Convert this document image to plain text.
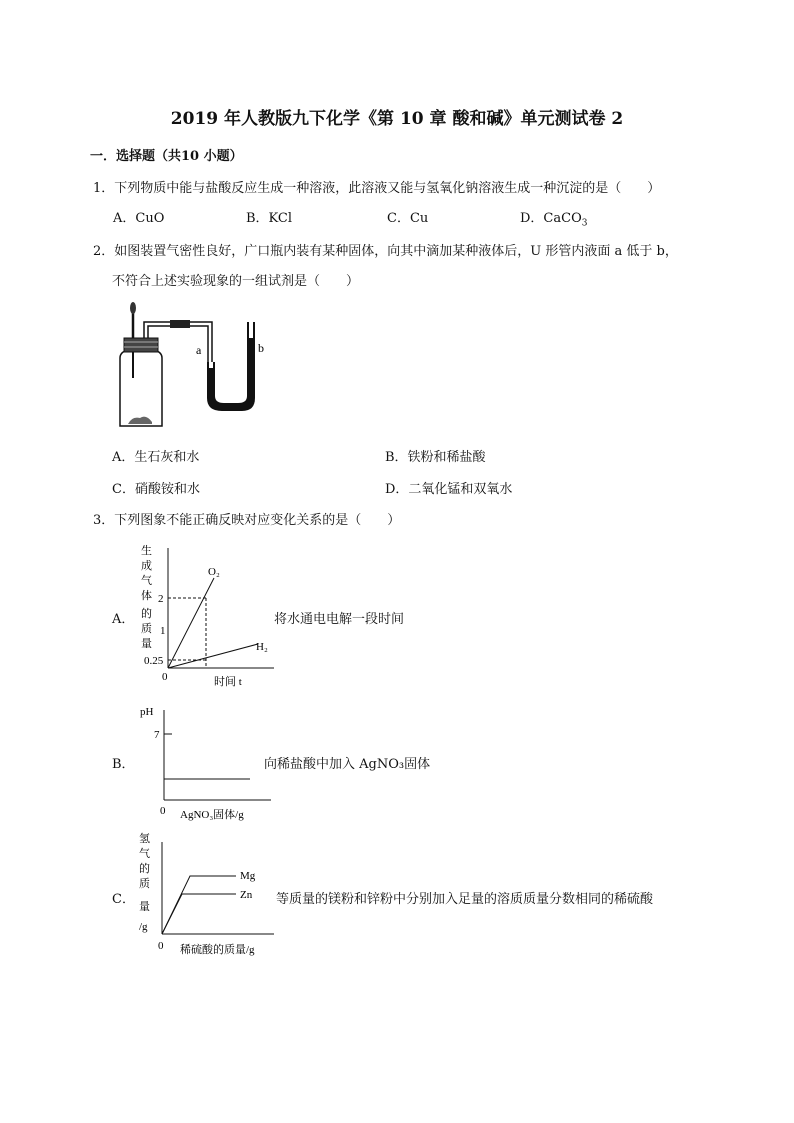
2019 年人教版九下化学《第 10 章 酸和碱》单元测试卷 2
一．选择题（共10 小题）
1．下列物质中能与盐酸反应生成一种溶液，此溶液又能与氢氧化钠溶液生成一种沉淀的是（　　）
A．CuO	B．KCl	C．Cu	D．CaCO$_3$
2．如图装置气密性良好，广口瓶内装有某种固体，向其中滴加某种液体后，U 形管内液面 a 低于 b，
不符合上述实验现象的一组试剂是（　　）
a	b
A．生石灰和水	B．铁粉和稀盐酸
C．硝酸铵和水	D．二氧化锰和双氧水
3．下列图象不能正确反映对应变化关系的是（　　）
A．
生
成
气
体
的
质
量
2
1
0.25
0	时间 t
O₂
H₂
将水通电电解一段时间
B．
pH
7
0 AgNO₃固体/g
向稀盐酸中加入 AgNO₃固体
C．
氢
气
的
质
量
/g
0 稀硫酸的质量/g
Mg
Zn 等质量的镁粉和锌粉中分别加入足量的溶质质量分数相同的稀硫酸
